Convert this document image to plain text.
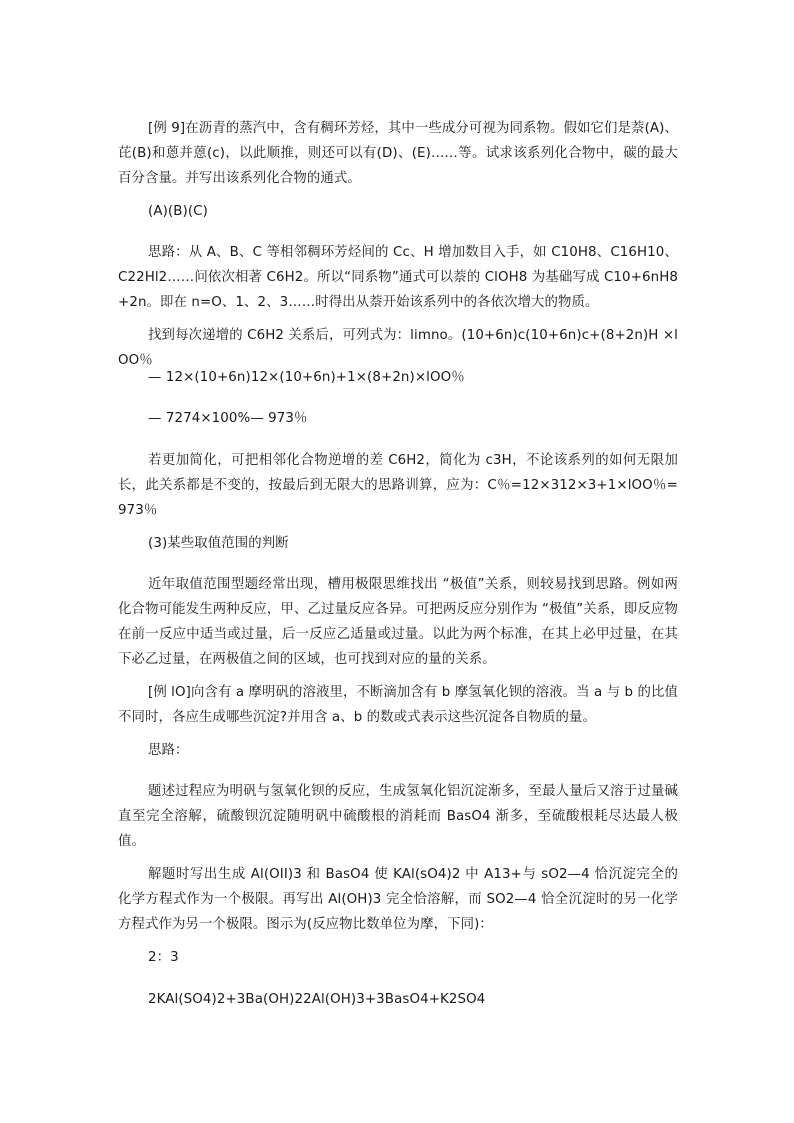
[例 9]在沥青的蒸汽中，含有稠环芳烃，其中一些成分可视为同系物。假如它们是萘(A)、芘(B)和蒽并蒽(c)，以此顺推，则还可以有(D)、(E)……等。试求该系列化合物中，碳的最大百分含量。并写出该系列化合物的通式。

(A)(B)(C)

思路：从 A、B、C 等相邻稠环芳烃间的 Cc、H 增加数目入手，如 C10H8、C16H10、C22Hl2……问依次相著 C6H2。所以“同系物”通式可以萘的 ClOH8 为基础写成 C10+6nH8+2n。即在 n=O、1、2、3……时得出从萘开始该系列中的各依次增大的物质。

找到每次递增的 C6H2 关系后，可列式为：limno。(10+6n)c(10+6n)c+(8+2n)H ×lOO％

— 12×(10+6n)12×(10+6n)+1×(8+2n)×lOO％

— 7274×100%— 973％

若更加简化，可把相邻化合物逆增的差 C6H2，简化为 c3H，不论该系列的如何无限加长，此关系都是不变的，按最后到无限大的思路训算，应为：C％=12×312×3+1×lOO％=973％

(3)某些取值范围的判断

近年取值范围型题经常出现，槽用极限思维找出 “极值”关系，则较易找到思路。例如两化合物可能发生两种反应，甲、乙过量反应各异。可把两反应分别作为 “极值”关系，即反应物在前一反应中适当或过量，后一反应乙适量或过量。以此为两个标准，在其上必甲过量，在其下必乙过量，在两极值之间的区域，也可找到对应的量的关系。

[例 lO]向含有 a 摩明矾的溶液里，不断滴加含有 b 摩氢氧化钡的溶液。当 a 与 b 的比值不同时，各应生成哪些沉淀?并用含 a、b 的数或式表示这些沉淀各自物质的量。

思路：

题述过程应为明矾与氢氧化钡的反应，生成氢氧化铝沉淀渐多，至最人量后又溶于过量碱直至完全溶解，硫酸钡沉淀随明矾中硫酸根的消耗而 BasO4 渐多，至硫酸根耗尽达最人极值。

解题时写出生成 Al(OII)3 和 BasO4 使 KAl(sO4)2 中 A13+与 sO2—4 恰沉淀完全的化学方程式作为一个极限。再写出 Al(OH)3 完全恰溶解，而 SO2—4 恰全沉淀时的另一化学方程式作为另一个极限。图示为(反应物比数单位为摩，下同)：

2：3

2KAl(SO4)2+3Ba(OH)22Al(OH)3+3BasO4+K2SO4
